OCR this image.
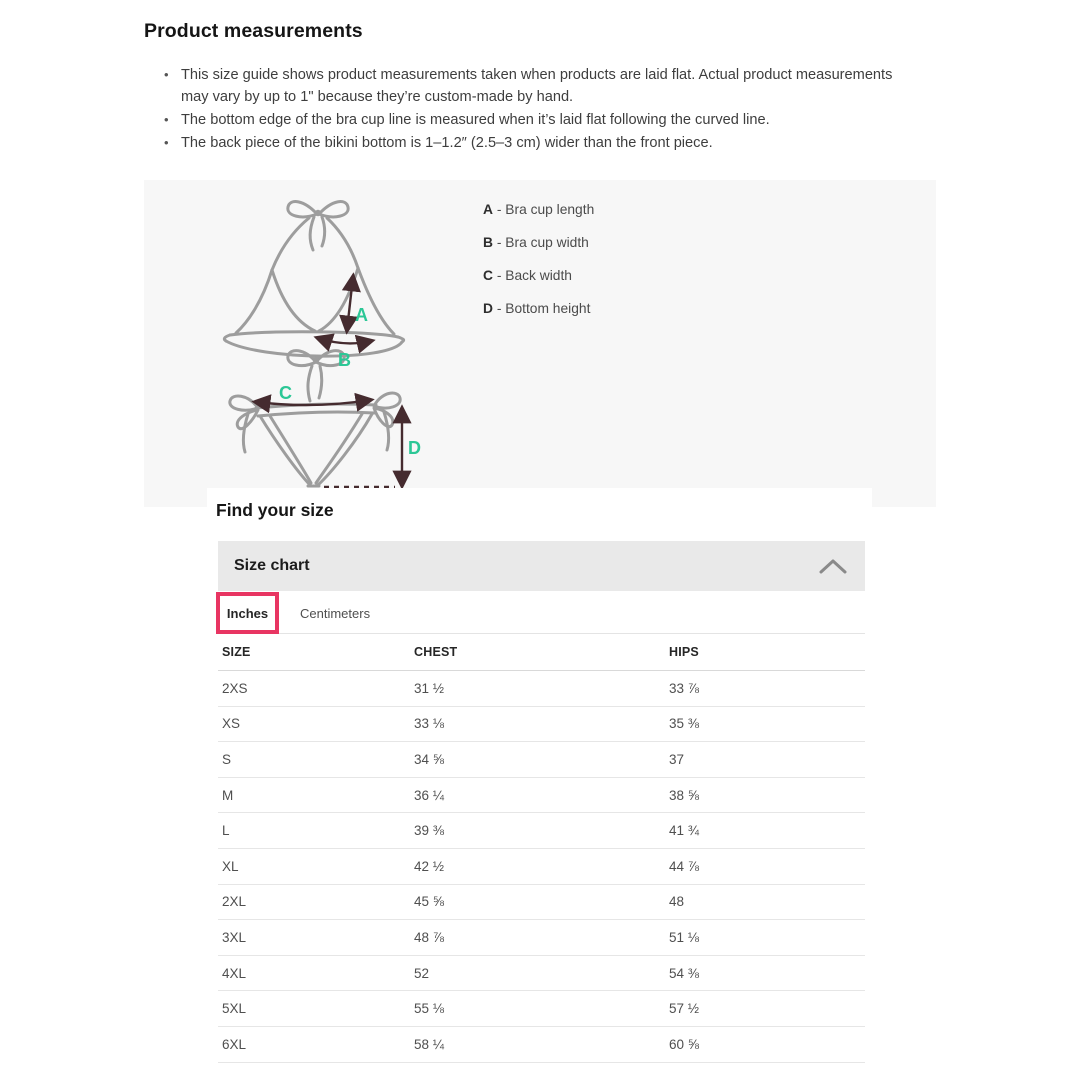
Product measurements
• This size guide shows product measurements taken when products are laid flat. Actual product measurements may vary by up to 1" because they’re custom-made by hand.
• The bottom edge of the bra cup line is measured when it’s laid flat following the curved line.
• The back piece of the bikini bottom is 1–1.2″ (2.5–3 cm) wider than the front piece.
A
B
C
D
A - Bra cup length
B - Bra cup width
C - Back width
D - Bottom height
Find your size
Size chart
Inches Centimeters
SIZE	CHEST	HIPS
2XS	31 ½	33 ⅞
XS	33 ⅛	35 ⅜
S	34 ⅝	37
M	36 ¼	38 ⅝
L	39 ⅜	41 ¾
XL	42 ½	44 ⅞
2XL	45 ⅝	48
3XL	48 ⅞	51 ⅛
4XL	52	54 ⅜
5XL	55 ⅛	57 ½
6XL	58 ¼	60 ⅝
